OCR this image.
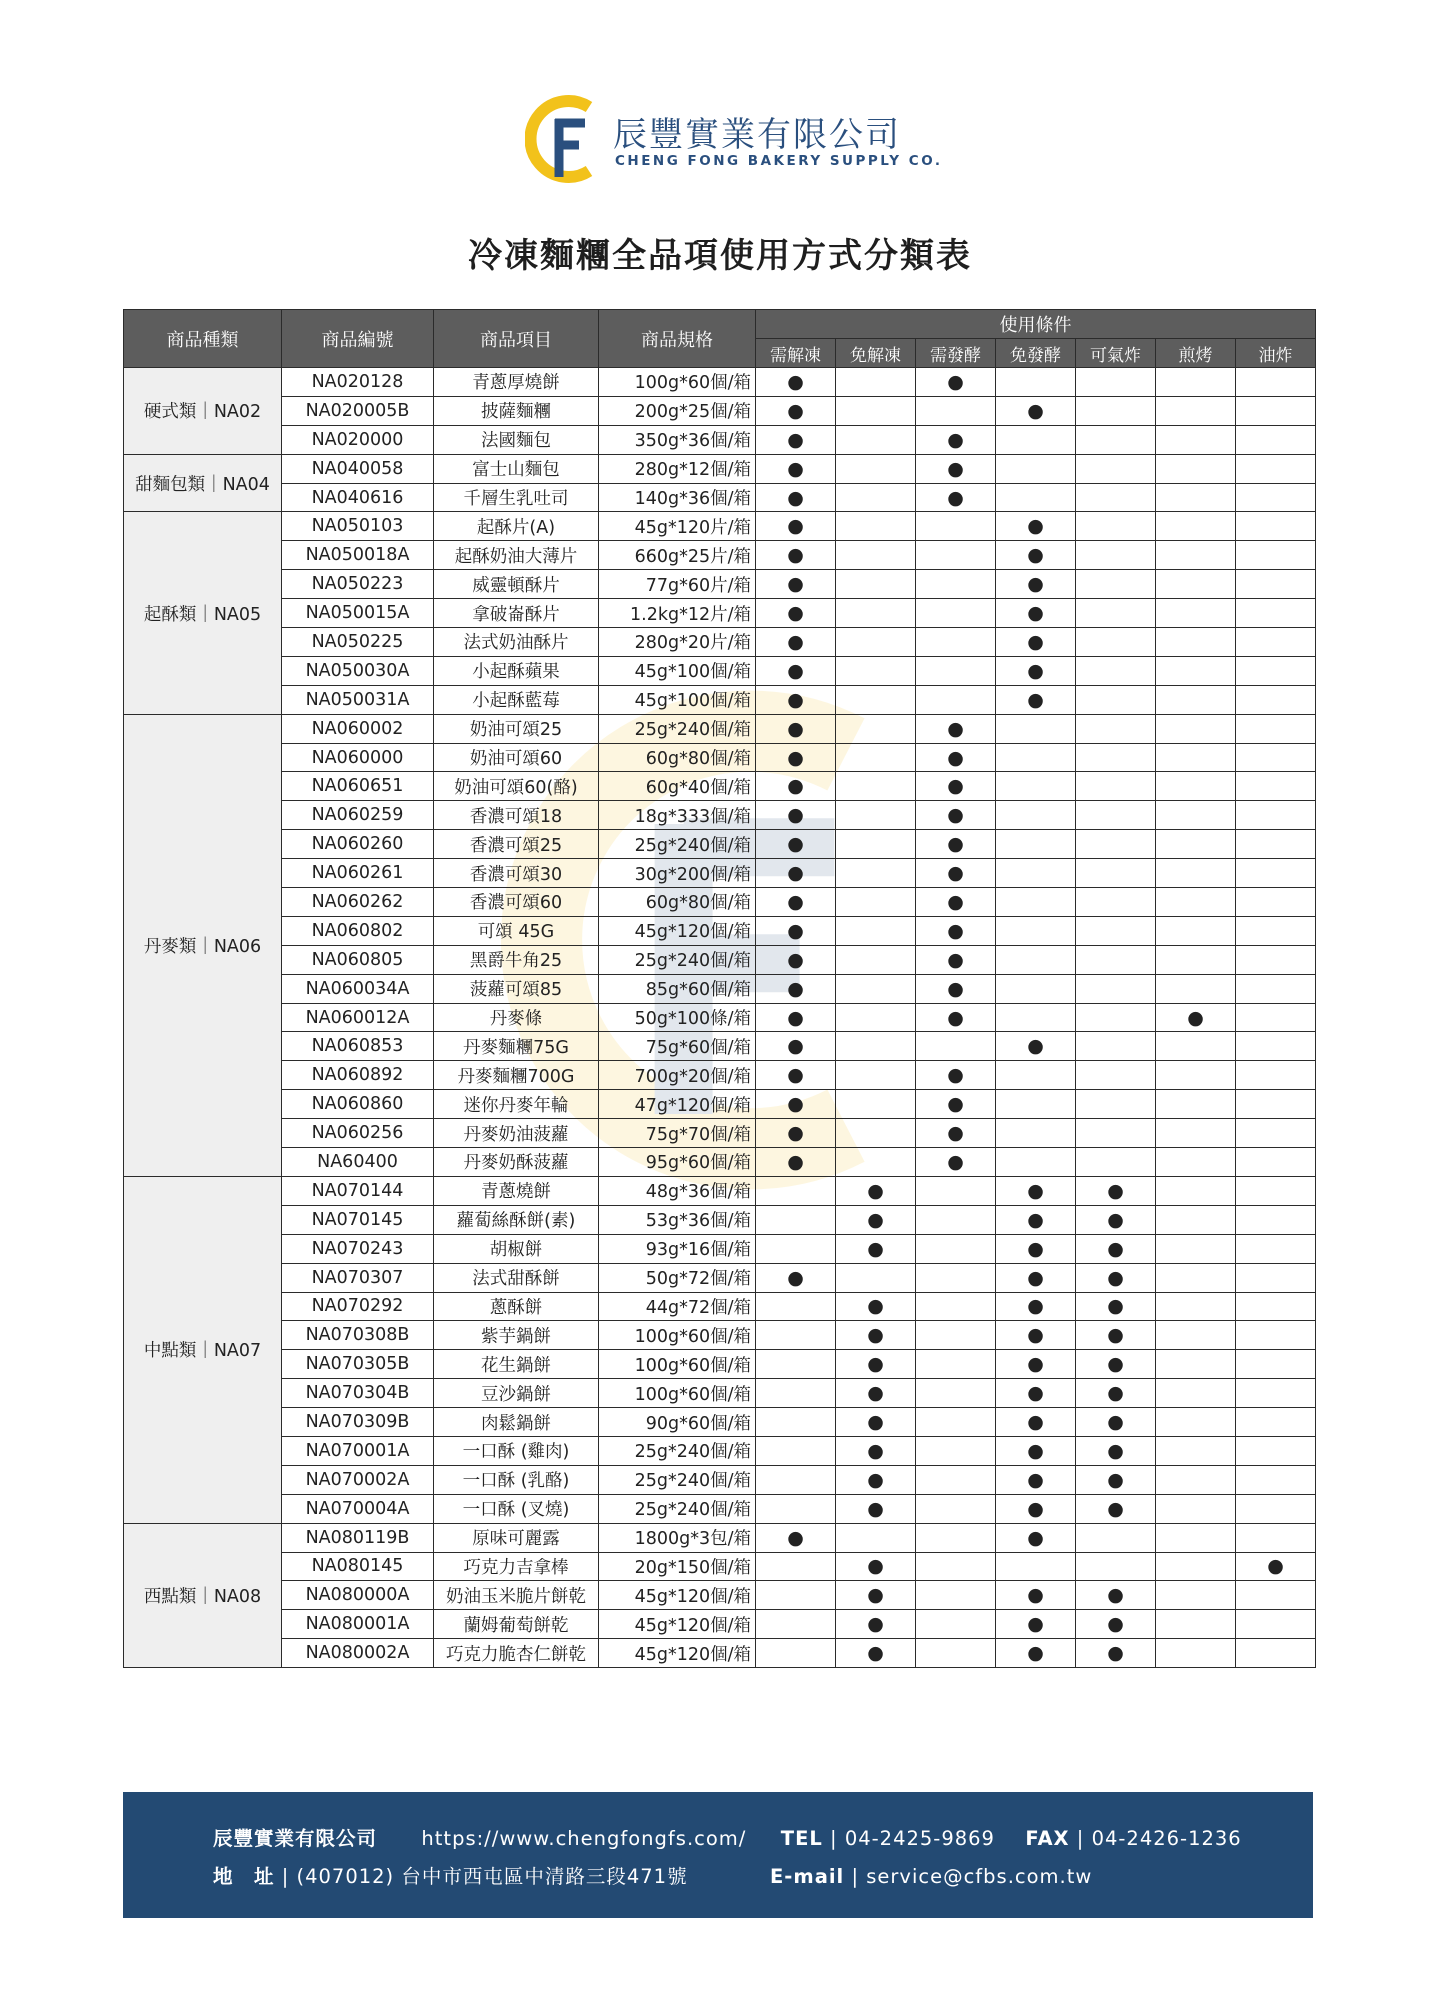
辰豐實業有限公司
CHENG FONG BAKERY SUPPLY CO.
冷凍麵糰全品項使用方式分類表
商品種類	商品編號	商品項目	商品規格	使用條件						
				需解凍	免解凍	需發酵	免發酵	可氣炸	煎烤	油炸
硬式類｜NA02	NA020128	青蔥厚燒餅	100g*60個/箱	●		●				
	NA020005B	披薩麵糰	200g*25個/箱	●			●			
	NA020000	法國麵包	350g*36個/箱	●		●				
甜麵包類｜NA04	NA040058	富士山麵包	280g*12個/箱	●		●				
	NA040616	千層生乳吐司	140g*36個/箱	●		●				
起酥類｜NA05	NA050103	起酥片(A)	45g*120片/箱	●			●			
	NA050018A	起酥奶油大薄片	660g*25片/箱	●			●			
	NA050223	威靈頓酥片	77g*60片/箱	●			●			
	NA050015A	拿破崙酥片	1.2kg*12片/箱	●			●			
	NA050225	法式奶油酥片	280g*20片/箱	●			●			
	NA050030A	小起酥蘋果	45g*100個/箱	●			●			
	NA050031A	小起酥藍莓	45g*100個/箱	●			●			
丹麥類｜NA06	NA060002	奶油可頌25	25g*240個/箱	●		●				
	NA060000	奶油可頌60	60g*80個/箱	●		●				
	NA060651	奶油可頌60(酪)	60g*40個/箱	●		●				
	NA060259	香濃可頌18	18g*333個/箱	●		●				
	NA060260	香濃可頌25	25g*240個/箱	●		●				
	NA060261	香濃可頌30	30g*200個/箱	●		●				
	NA060262	香濃可頌60	60g*80個/箱	●		●				
	NA060802	可頌 45G	45g*120個/箱	●		●				
	NA060805	黑爵牛角25	25g*240個/箱	●		●				
	NA060034A	菠蘿可頌85	85g*60個/箱	●		●				
	NA060012A	丹麥條	50g*100條/箱	●		●			●	
	NA060853	丹麥麵糰75G	75g*60個/箱	●			●			
	NA060892	丹麥麵糰700G	700g*20個/箱	●		●				
	NA060860	迷你丹麥年輪	47g*120個/箱	●		●				
	NA060256	丹麥奶油菠蘿	75g*70個/箱	●		●				
	NA60400	丹麥奶酥菠蘿	95g*60個/箱	●		●				
中點類｜NA07	NA070144	青蔥燒餅	48g*36個/箱		●		●	●		
	NA070145	蘿蔔絲酥餅(素)	53g*36個/箱		●		●	●		
	NA070243	胡椒餅	93g*16個/箱		●		●	●		
	NA070307	法式甜酥餅	50g*72個/箱	●			●	●		
	NA070292	蔥酥餅	44g*72個/箱		●		●	●		
	NA070308B	紫芋鍋餅	100g*60個/箱		●		●	●		
	NA070305B	花生鍋餅	100g*60個/箱		●		●	●		
	NA070304B	豆沙鍋餅	100g*60個/箱		●		●	●		
	NA070309B	肉鬆鍋餅	90g*60個/箱		●		●	●		
	NA070001A	一口酥 (雞肉)	25g*240個/箱		●		●	●		
	NA070002A	一口酥 (乳酪)	25g*240個/箱		●		●	●		
	NA070004A	一口酥 (叉燒)	25g*240個/箱		●		●	●		
西點類｜NA08	NA080119B	原味可麗露	1800g*3包/箱	●			●			
	NA080145	巧克力吉拿棒	20g*150個/箱		●					●
	NA080000A	奶油玉米脆片餅乾	45g*120個/箱		●		●	●		
	NA080001A	蘭姆葡萄餅乾	45g*120個/箱		●		●	●		
	NA080002A	巧克力脆杏仁餅乾	45g*120個/箱		●		●	●		
辰豐實業有限公司 https://www.chengfongfs.com/ TEL | 04-2425-9869 FAX | 04-2426-1236
地　址 | (407012) 台中市西屯區中清路三段471號	E-mail | service@cfbs.com.tw
